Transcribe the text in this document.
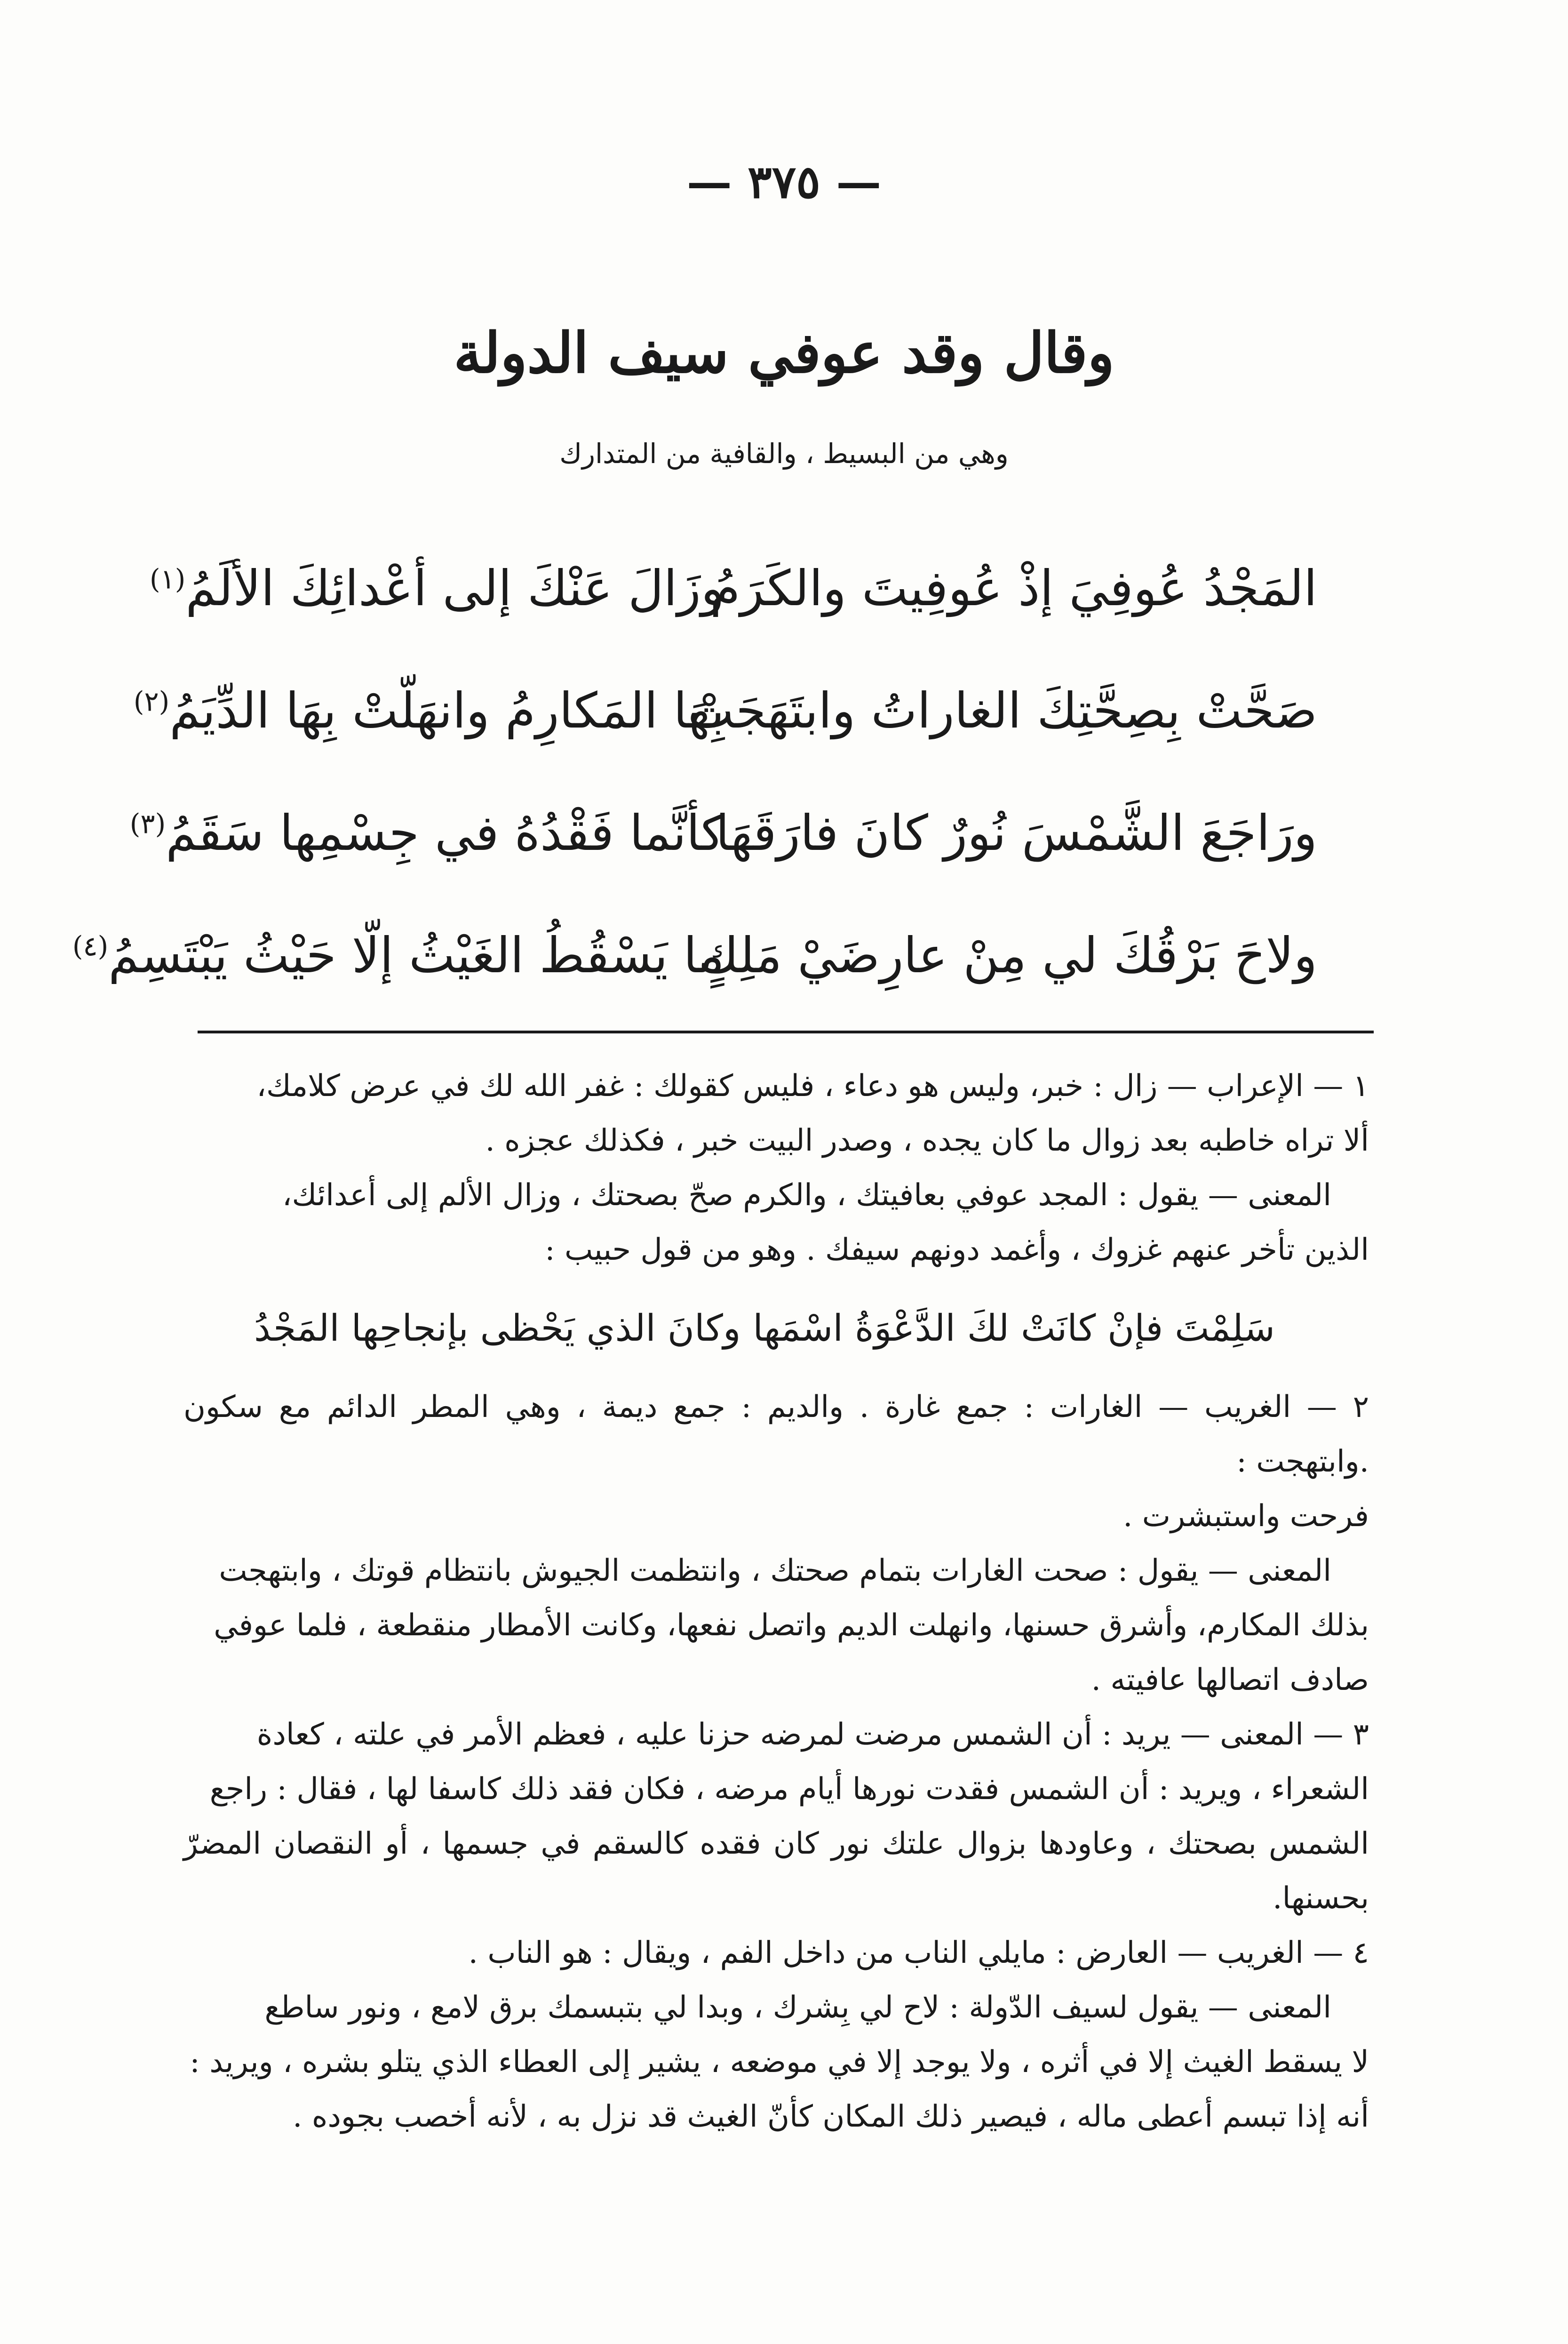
— ٣٧٥ —
وقال وقد عوفي سيف الدولة
وهي من البسيط ، والقافية من المتدارك
المَجْدُ عُوفِيَ إذْ عُوفِيتَ والكَرَمُ
وزَالَ عَنْكَ إلى أعْدائِكَ الألَمُ$^{(١)}$
صَحَّتْ بِصِحَّتِكَ الغاراتُ وابتَهَجَتْ
بِهَا المَكارِمُ وانهَلّتْ بِهَا الدِّيَمُ$^{(٢)}$
ورَاجَعَ الشَّمْسَ نُورٌ كانَ فارَقَهَا
كأنَّما فَقْدُهُ في جِسْمِها سَقَمُ$^{(٣)}$
ولاحَ بَرْقُكَ لي مِنْ عارِضَيْ مَلِكٍ
ما يَسْقُطُ الغَيْثُ إلّا حَيْثُ يَبْتَسِمُ$^{(٤)}$

١ — الإعراب — زال : خبر، وليس هو دعاء ، فليس كقولك : غفر الله لك في عرض كلامك،

ألا تراه خاطبه بعد زوال ما كان يجده ، وصدر البيت خبر ، فكذلك عجزه .

المعنى — يقول : المجد عوفي بعافيتك ، والكرم صحّ بصحتك ، وزال الألم إلى أعدائك،

الذين تأخر عنهم غزوك ، وأغمد دونهم سيفك . وهو من قول حبيب :

سَلِمْتَ فإنْ كانَتْ لكَ الدَّعْوَةُ اسْمَها
وكانَ الذي يَحْظى بإنجاحِها المَجْدُ

٢ — الغريب — الغارات : جمع غارة . والديم : جمع ديمة ، وهي المطر الدائم مع سكون .وابتهجت :

فرحت واستبشرت .

المعنى — يقول : صحت الغارات بتمام صحتك ، وانتظمت الجيوش بانتظام قوتك ، وابتهجت

بذلك المكارم، وأشرق حسنها، وانهلت الديم واتصل نفعها، وكانت الأمطار منقطعة ، فلما عوفي

صادف اتصالها عافيته .

٣ — المعنى — يريد : أن الشمس مرضت لمرضه حزنا عليه ، فعظم الأمر في علته ، كعادة

الشعراء ، ويريد : أن الشمس فقدت نورها أيام مرضه ، فكان فقد ذلك كاسفا لها ، فقال : راجع

الشمس بصحتك ، وعاودها بزوال علتك نور كان فقده كالسقم في جسمها ، أو النقصان المضرّ بحسنها.

٤ — الغريب — العارض : مايلي الناب من داخل الفم ، ويقال : هو الناب .

المعنى — يقول لسيف الدّولة : لاح لي بِشرك ، وبدا لي بتبسمك برق لامع ، ونور ساطع

لا يسقط الغيث إلا في أثره ، ولا يوجد إلا في موضعه ، يشير إلى العطاء الذي يتلو بشره ، ويريد :

أنه إذا تبسم أعطى ماله ، فيصير ذلك المكان كأنّ الغيث قد نزل به ، لأنه أخصب بجوده .
